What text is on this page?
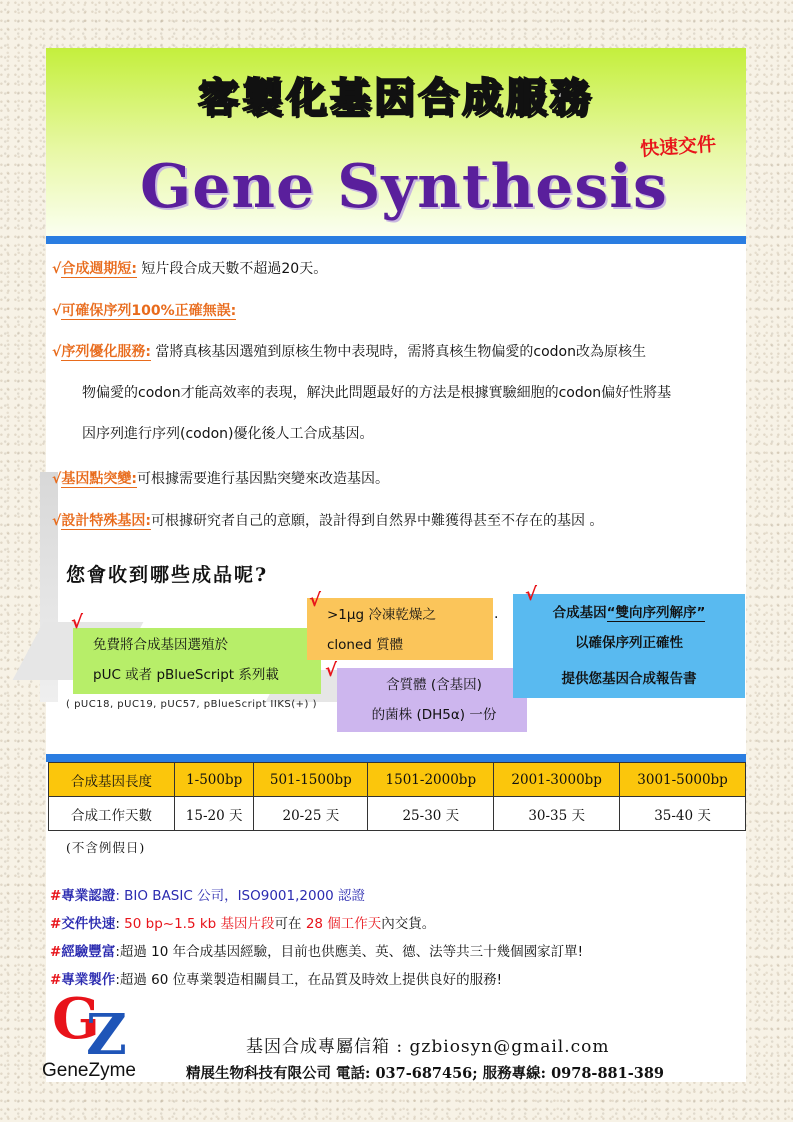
客製化基因合成服務
快速交件
Gene Synthesis
√合成週期短: 短片段合成天數不超過20天。
√可確保序列100%正確無誤:
√序列優化服務: 當將真核基因選殖到原核生物中表現時，需將真核生物偏愛的codon改為原核生
物偏愛的codon才能高效率的表現，解決此問題最好的方法是根據實驗細胞的codon偏好性將基
因序列進行序列(codon)優化後人工合成基因。
√基因點突變:可根據需要進行基因點突變來改造基因。
√設計特殊基因:可根據研究者自己的意願，設計得到自然界中難獲得甚至不存在的基因 。
您會收到哪些成品呢?
√
免費將合成基因選殖於
pUC 或者 pBlueScript 系列載
√
>1μg 冷凍乾燥之
cloned 質體
√
含質體 (含基因)
的菌株 (DH5α) 一份
.
√
合成基因“雙向序列解序”
以確保序列正確性
提供您基因合成報告書
( pUC18, pUC19, pUC57, pBlueScript IIKS(+) )
合成基因長度	1-500bp	501-1500bp	1501-2000bp	2001-3000bp	3001-5000bp
合成工作天數	15-20 天	20-25 天	25-30 天	30-35 天	35-40 天
(不含例假日)
#專業認證: BIO BASIC 公司，ISO9001,2000 認證
#交件快速: 50 bp~1.5 kb 基因片段可在 28 個工作天內交貨。
#經驗豐富:超過 10 年合成基因經驗，目前也供應美、英、德、法等共三十幾個國家訂單!
#專業製作:超過 60 位專業製造相關員工，在品質及時效上提供良好的服務!
G
Z
GeneZyme
基因合成專屬信箱 : gzbiosyn@gmail.com
精展生物科技有限公司 電話: 037-687456; 服務專線: 0978-881-389
